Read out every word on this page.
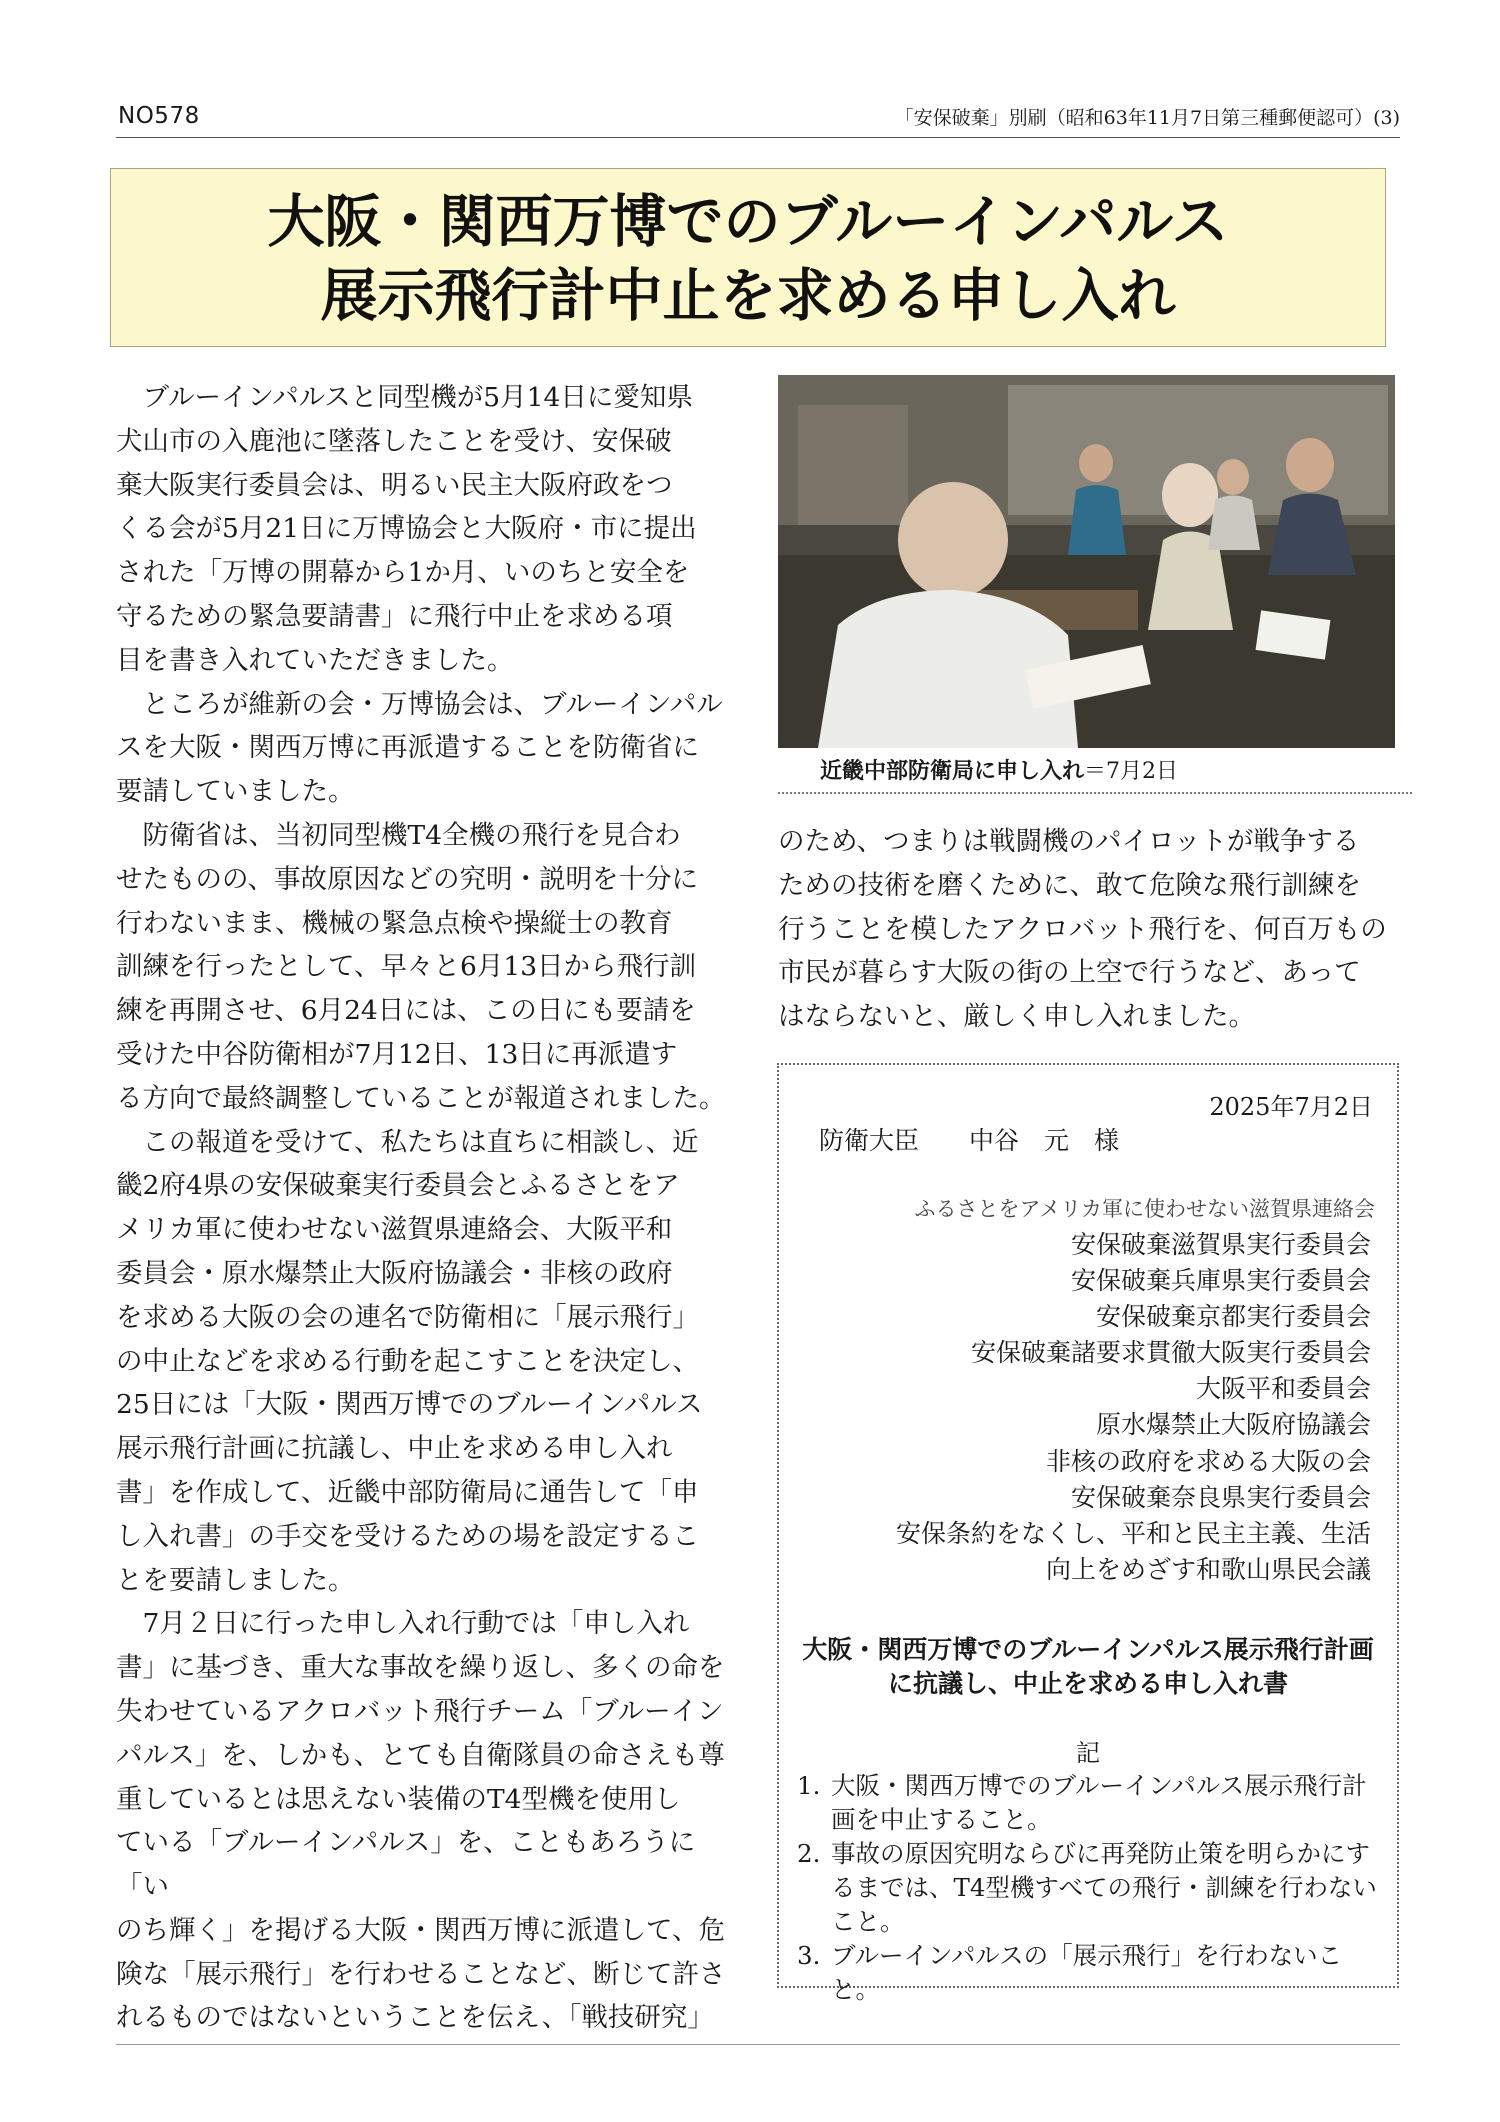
NO578	「安保破棄」別刷（昭和63年11月7日第三種郵便認可）(3)
大阪・関西万博でのブルーインパルス
展示飛行計中止を求める申し入れ

　ブルーインパルスと同型機が5月14日に愛知県

犬山市の入鹿池に墜落したことを受け、安保破

棄大阪実行委員会は、明るい民主大阪府政をつ

くる会が5月21日に万博協会と大阪府・市に提出

された「万博の開幕から1か月、いのちと安全を

守るための緊急要請書」に飛行中止を求める項

目を書き入れていただきました。

　ところが維新の会・万博協会は、ブルーインパル

スを大阪・関西万博に再派遣することを防衛省に

要請していました。

　防衛省は、当初同型機T4全機の飛行を見合わ

せたものの、事故原因などの究明・説明を十分に

行わないまま、機械の緊急点検や操縦士の教育

訓練を行ったとして、早々と6月13日から飛行訓

練を再開させ、6月24日には、この日にも要請を

受けた中谷防衛相が7月12日、13日に再派遣す

る方向で最終調整していることが報道されました。

　この報道を受けて、私たちは直ちに相談し、近

畿2府4県の安保破棄実行委員会とふるさとをア

メリカ軍に使わせない滋賀県連絡会、大阪平和

委員会・原水爆禁止大阪府協議会・非核の政府

を求める大阪の会の連名で防衛相に「展示飛行」

の中止などを求める行動を起こすことを決定し、

25日には「大阪・関西万博でのブルーインパルス

展示飛行計画に抗議し、中止を求める申し入れ

書」を作成して、近畿中部防衛局に通告して「申

し入れ書」の手交を受けるための場を設定するこ

とを要請しました。

　7月２日に行った申し入れ行動では「申し入れ

書」に基づき、重大な事故を繰り返し、多くの命を

失わせているアクロバット飛行チーム「ブルーイン

パルス」を、しかも、とても自衛隊員の命さえも尊

重しているとは思えない装備のT4型機を使用し

ている「ブルーインパルス」を、こともあろうに「い

のち輝く」を掲げる大阪・関西万博に派遣して、危

険な「展示飛行」を行わせることなど、断じて許さ

れるものではないということを伝え、「戦技研究」

近畿中部防衛局に申し入れ＝7月2日

のため、つまりは戦闘機のパイロットが戦争する

ための技術を磨くために、敢て危険な飛行訓練を

行うことを模したアクロバット飛行を、何百万もの

市民が暮らす大阪の街の上空で行うなど、あって

はならないと、厳しく申し入れました。

2025年7月2日
防衛大臣　　中谷　元　様
ふるさとをアメリカ軍に使わせない滋賀県連絡会
安保破棄滋賀県実行委員会
安保破棄兵庫県実行委員会
安保破棄京都実行委員会
安保破棄諸要求貫徹大阪実行委員会
大阪平和委員会
原水爆禁止大阪府協議会
非核の政府を求める大阪の会
安保破棄奈良県実行委員会
安保条約をなくし、平和と民主主義、生活
向上をめざす和歌山県民会議
大阪・関西万博でのブルーインパルス展示飛行計画
に抗議し、中止を求める申し入れ書
記
1. 大阪・関西万博でのブルーインパルス展示飛行計画を中止すること。
2. 事故の原因究明ならびに再発防止策を明らかにするまでは、T4型機すべての飛行・訓練を行わないこと。
3. ブルーインパルスの「展示飛行」を行わないこと。
